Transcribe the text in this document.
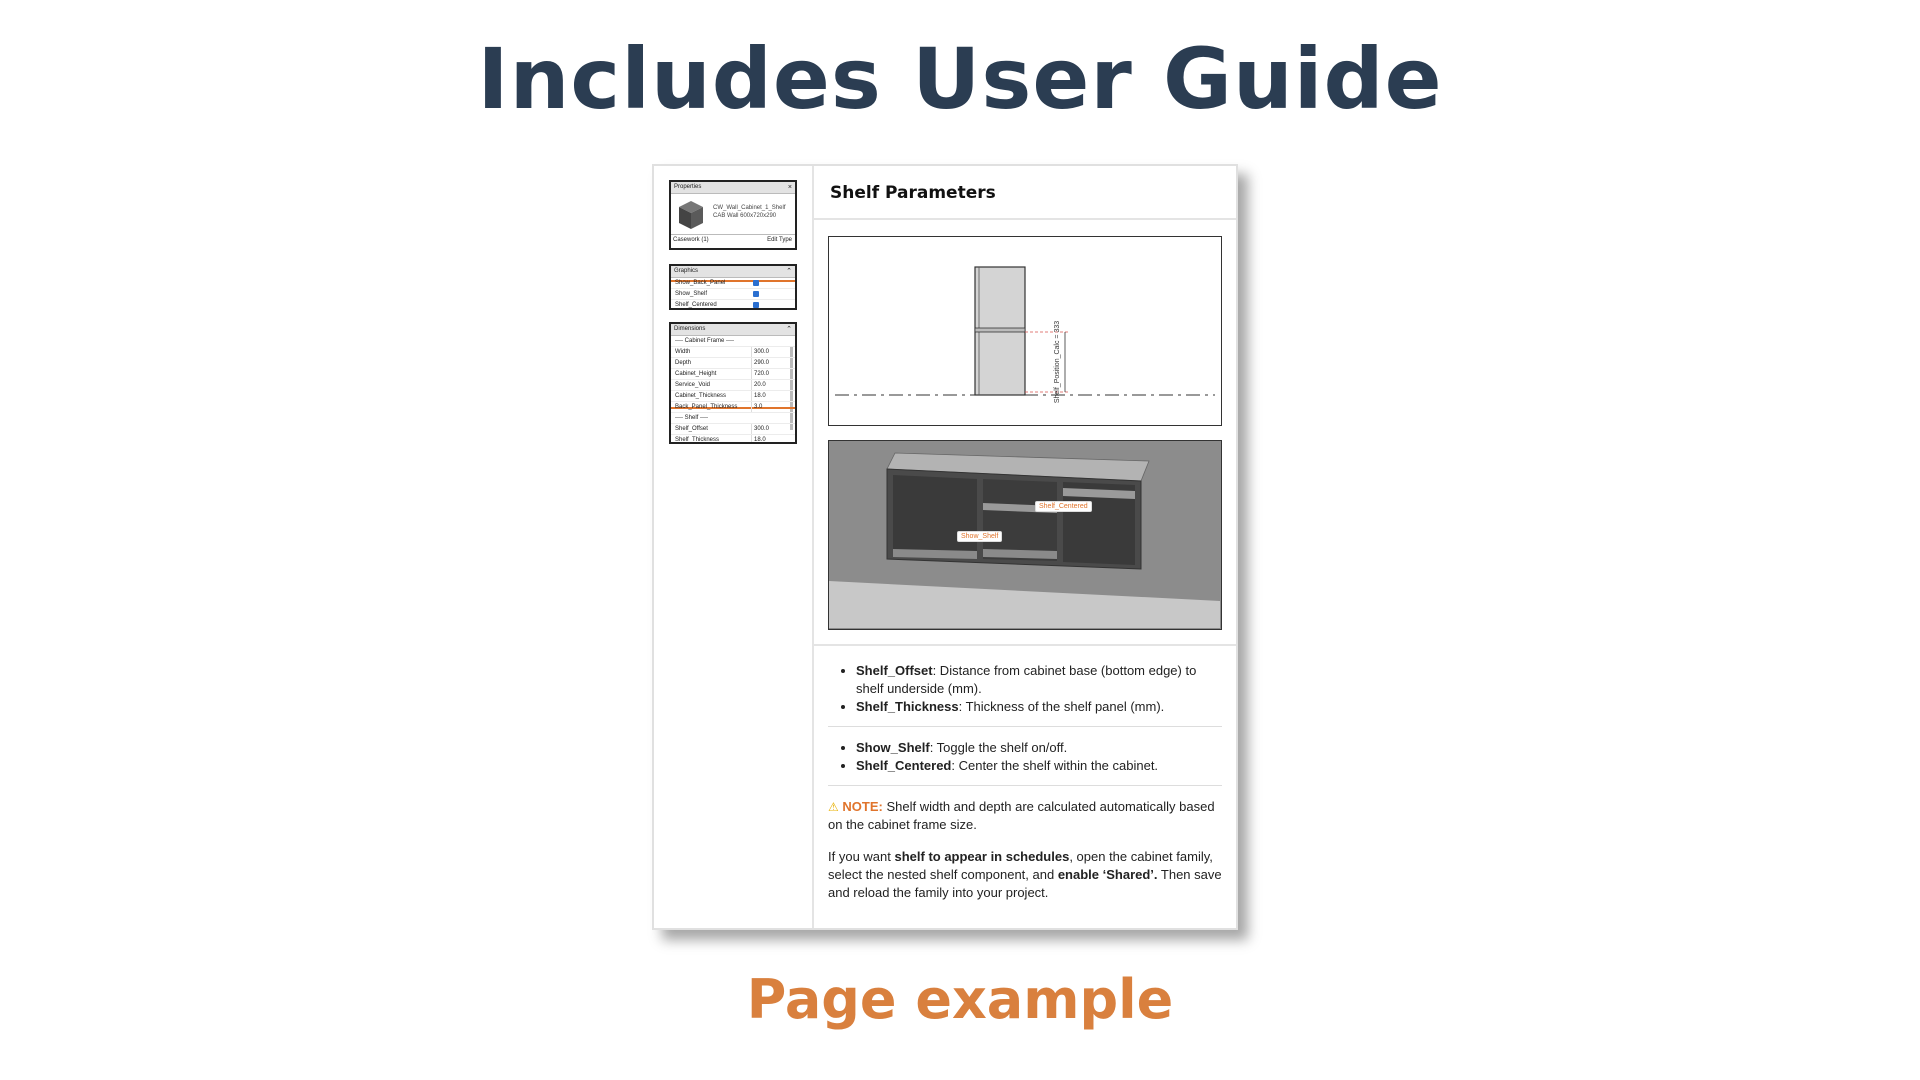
Includes User Guide
Properties	×
CW_Wall_Cabinet_1_Shelf
CAB Wall 600x720x290
Casework (1)	Edit Type
Graphics	⌃
Show_Back_Panel
Show_Shelf
Shelf_Centered
Dimensions	⌃
---- Cabinet Frame ----
Width	300.0
Depth	290.0
Cabinet_Height	720.0
Service_Void	20.0
Cabinet_Thickness	18.0
Back_Panel_Thickness	3.0
---- Shelf ----
Shelf_Offset	300.0
Shelf_Thickness	18.0
Shelf Parameters
Shelf_Position_Calc = 333
Shelf_Centered
Show_Shelf
• Shelf_Offset: Distance from cabinet base (bottom edge) to shelf underside (mm).
• Shelf_Thickness: Thickness of the shelf panel (mm).
• Show_Shelf: Toggle the shelf on/off.
• Shelf_Centered: Center the shelf within the cabinet.

⚠ NOTE: Shelf width and depth are calculated automatically based on the cabinet frame size.

If you want shelf to appear in schedules, open the cabinet family, select the nested shelf component, and enable ‘Shared’. Then save and reload the family into your project.

Page example
